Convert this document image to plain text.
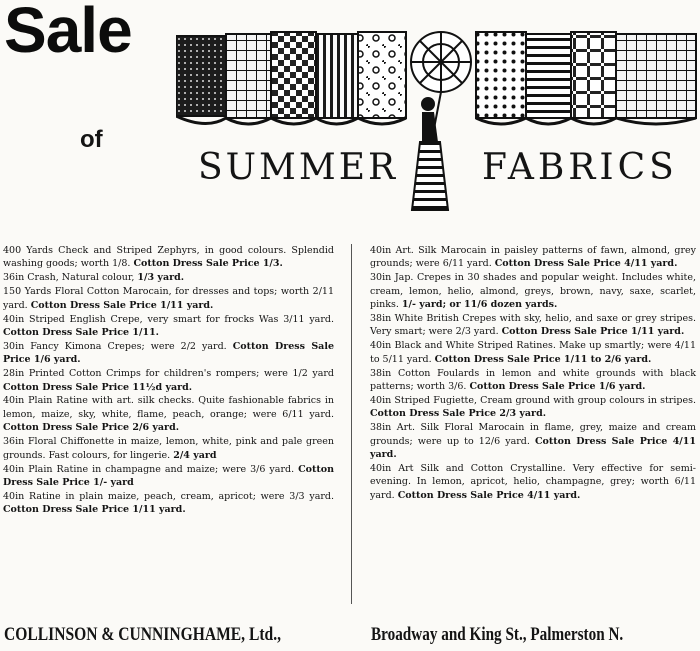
Sale
of
SUMMER FABRICS
400 Yards Check and Striped Zephyrs, in good colours. Splendid washing goods; worth 1/8. Cotton Dress Sale Price 1/3.
36in Crash, Natural colour, 1/3 yard.
150 Yards Floral Cotton Marocain, for dresses and tops; worth 2/11 yard. Cotton Dress Sale Price 1/11 yard.
40in Striped English Crepe, very smart for frocks Was 3/11 yard. Cotton Dress Sale Price 1/11.
30in Fancy Kimona Crepes; were 2/2 yard. Cotton Dress Sale Price 1/6 yard.
28in Printed Cotton Crimps for children's rompers; were 1/2 yard Cotton Dress Sale Price 11½d yard.
40in Plain Ratine with art. silk checks. Quite fashionable fabrics in lemon, maize, sky, white, flame, peach, orange; were 6/11 yard. Cotton Dress Sale Price 2/6 yard.
36in Floral Chiffonette in maize, lemon, white, pink and pale green grounds. Fast colours, for lingerie. 2/4 yard
40in Plain Ratine in champagne and maize; were 3/6 yard. Cotton Dress Sale Price 1/- yard
40in Ratine in plain maize, peach, cream, apricot; were 3/3 yard. Cotton Dress Sale Price 1/11 yard.
40in Art. Silk Marocain in paisley patterns of fawn, almond, grey grounds; were 6/11 yard. Cotton Dress Sale Price 4/11 yard.
30in Jap. Crepes in 30 shades and popular weight. Includes white, cream, lemon, helio, almond, greys, brown, navy, saxe, scarlet, pinks. 1/- yard; or 11/6 dozen yards.
38in White British Crepes with sky, helio, and saxe or grey stripes. Very smart; were 2/3 yard. Cotton Dress Sale Price 1/11 yard.
40in Black and White Striped Ratines. Make up smartly; were 4/11 to 5/11 yard. Cotton Dress Sale Price 1/11 to 2/6 yard.
38in Cotton Foulards in lemon and white grounds with black patterns; worth 3/6. Cotton Dress Sale Price 1/6 yard.
40in Striped Fugiette, Cream ground with group colours in stripes. Cotton Dress Sale Price 2/3 yard.
38in Art. Silk Floral Marocain in flame, grey, maize and cream grounds; were up to 12/6 yard. Cotton Dress Sale Price 4/11 yard.
40in Art Silk and Cotton Crystalline. Very effective for semi-evening. In lemon, apricot, helio, champagne, grey; worth 6/11 yard. Cotton Dress Sale Price 4/11 yard.
COLLINSON & CUNNINGHAME, Ltd.,	Broadway and King St., Palmerston N.
